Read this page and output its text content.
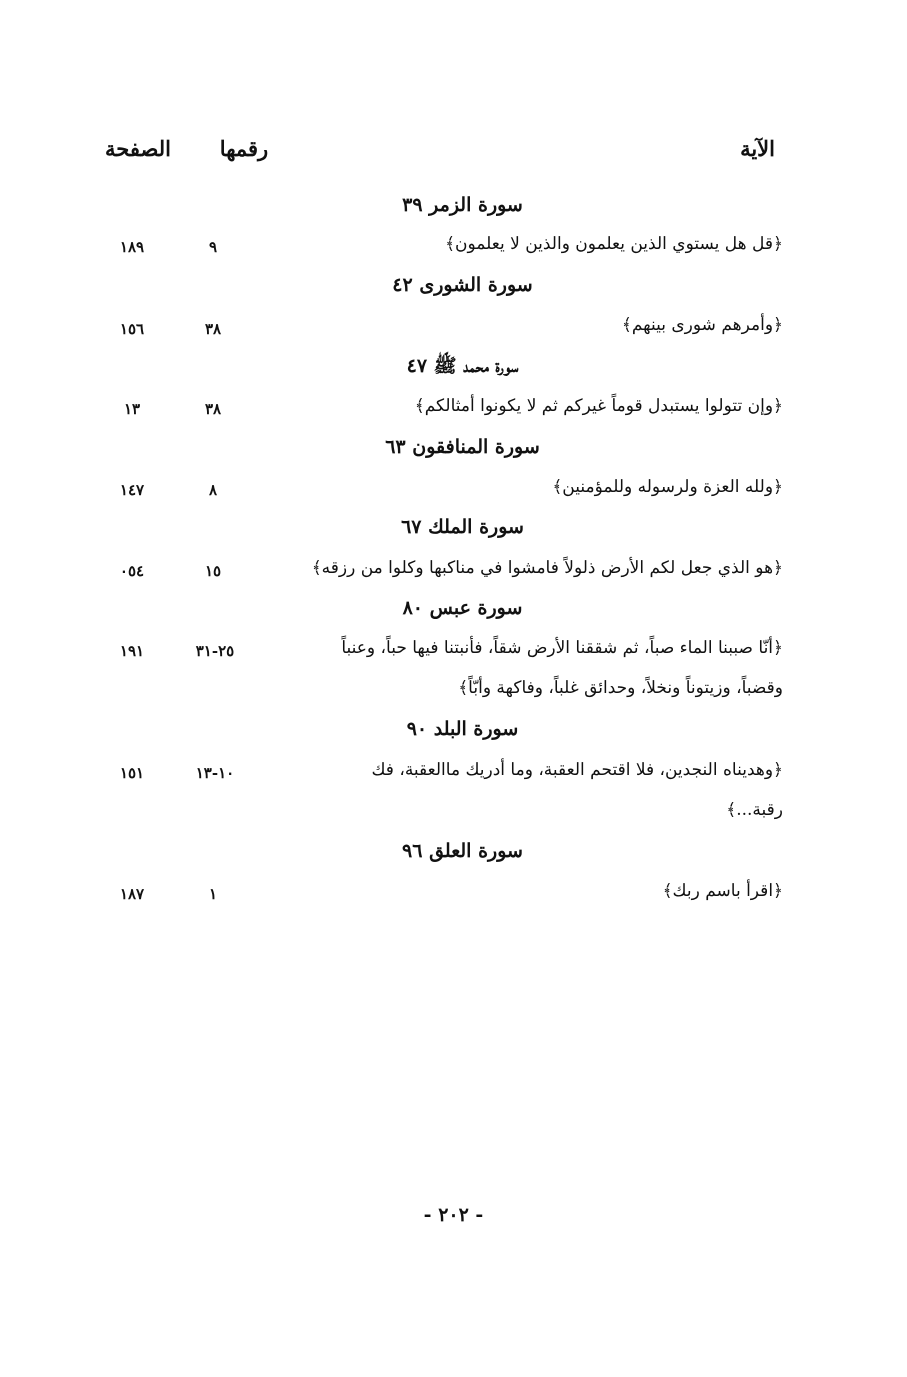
الآية
رقمها
الصفحة
سورة الزمر ٣٩
﴿قل هل يستوي الذين يعلمون والذين لا يعلمون﴾
٩
١٨٩
سورة الشورى ٤٢
﴿وأمرهم شورى بينهم﴾
٣٨
١٥٦
سورة محمد ﷺ ٤٧
﴿وإن تتولوا يستبدل قوماً غيركم ثم لا يكونوا أمثالكم﴾
٣٨
١٣
سورة المنافقون ٦٣
﴿ولله العزة ولرسوله وللمؤمنين﴾
٨
١٤٧
سورة الملك ٦٧
﴿هو الذي جعل لكم الأرض ذلولاً فامشوا في مناكبها وكلوا من رزقه﴾
١٥
٠٥٤
سورة عبس ٨٠
﴿أنّا صببنا الماء صباً، ثم شققنا الأرض شقاً، فأنبتنا فيها حباً، وعنباً
وقضباً، وزيتوناً ونخلاً، وحدائق غلباً، وفاكهة وأبّاً﴾
٢٥-٣١
١٩١
سورة البلد ٩٠
﴿وهديناه النجدين، فلا اقتحم العقبة، وما أدريك ماالعقبة، فك
رقبة...﴾
١٠-١٣
١٥١
سورة العلق ٩٦
﴿اقرأ باسم ربك﴾
١
١٨٧
- ٢٠٢ -
